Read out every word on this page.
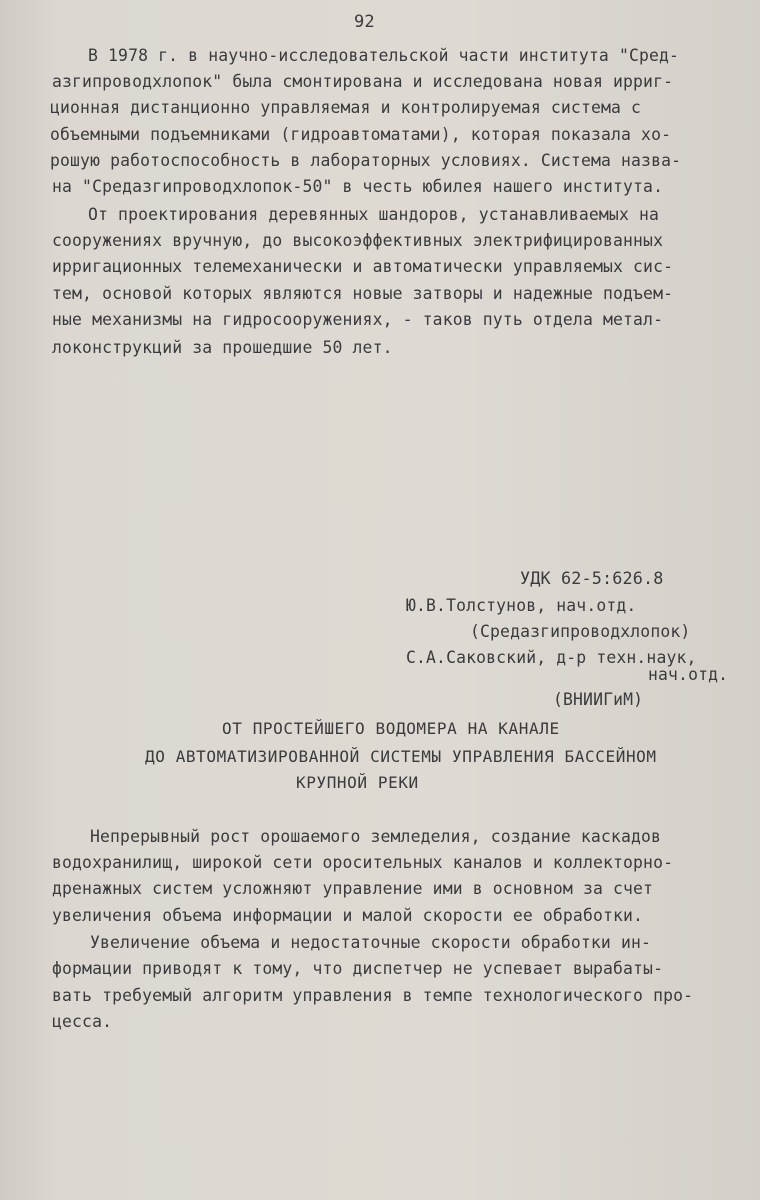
92
В 1978 г. в научно-исследовательской части института "Сред-
азгипроводхлопок" была смонтирована и исследована новая ирриг-
ционная дистанционно управляемая и контролируемая система с
объемными подъемниками (гидроавтоматами), которая показала хо-
рошую работоспособность в лабораторных условиях. Система назва-
на "Средазгипроводхлопок-50" в честь юбилея нашего института.
От проектирования деревянных шандоров, устанавливаемых на
сооружениях вручную, до высокоэффективных электрифицированных
ирригационных телемеханически и автоматически управляемых сис-
тем, основой которых являются новые затворы и надежные подъем-
ные механизмы на гидросооружениях, - таков путь отдела метал-
локонструкций за прошедшие 50 лет.
УДК 62-5:626.8
Ю.В.Толстунов, нач.отд.
(Средазгипроводхлопок)
С.А.Саковский, д-р техн.наук,
нач.отд.
(ВНИИГиМ)
ОТ ПРОСТЕЙШЕГО ВОДОМЕРА НА КАНАЛЕ
ДО АВТОМАТИЗИРОВАННОЙ СИСТЕМЫ УПРАВЛЕНИЯ БАССЕЙНОМ
КРУПНОЙ РЕКИ
Непрерывный рост орошаемого земледелия, создание каскадов
водохранилищ, широкой сети оросительных каналов и коллекторно-
дренажных систем усложняют управление ими в основном за счет
увеличения объема информации и малой скорости ее обработки.
Увеличение объема и недостаточные скорости обработки ин-
формации приводят к тому, что диспетчер не успевает вырабаты-
вать требуемый алгоритм управления в темпе технологического про-
цесса.
